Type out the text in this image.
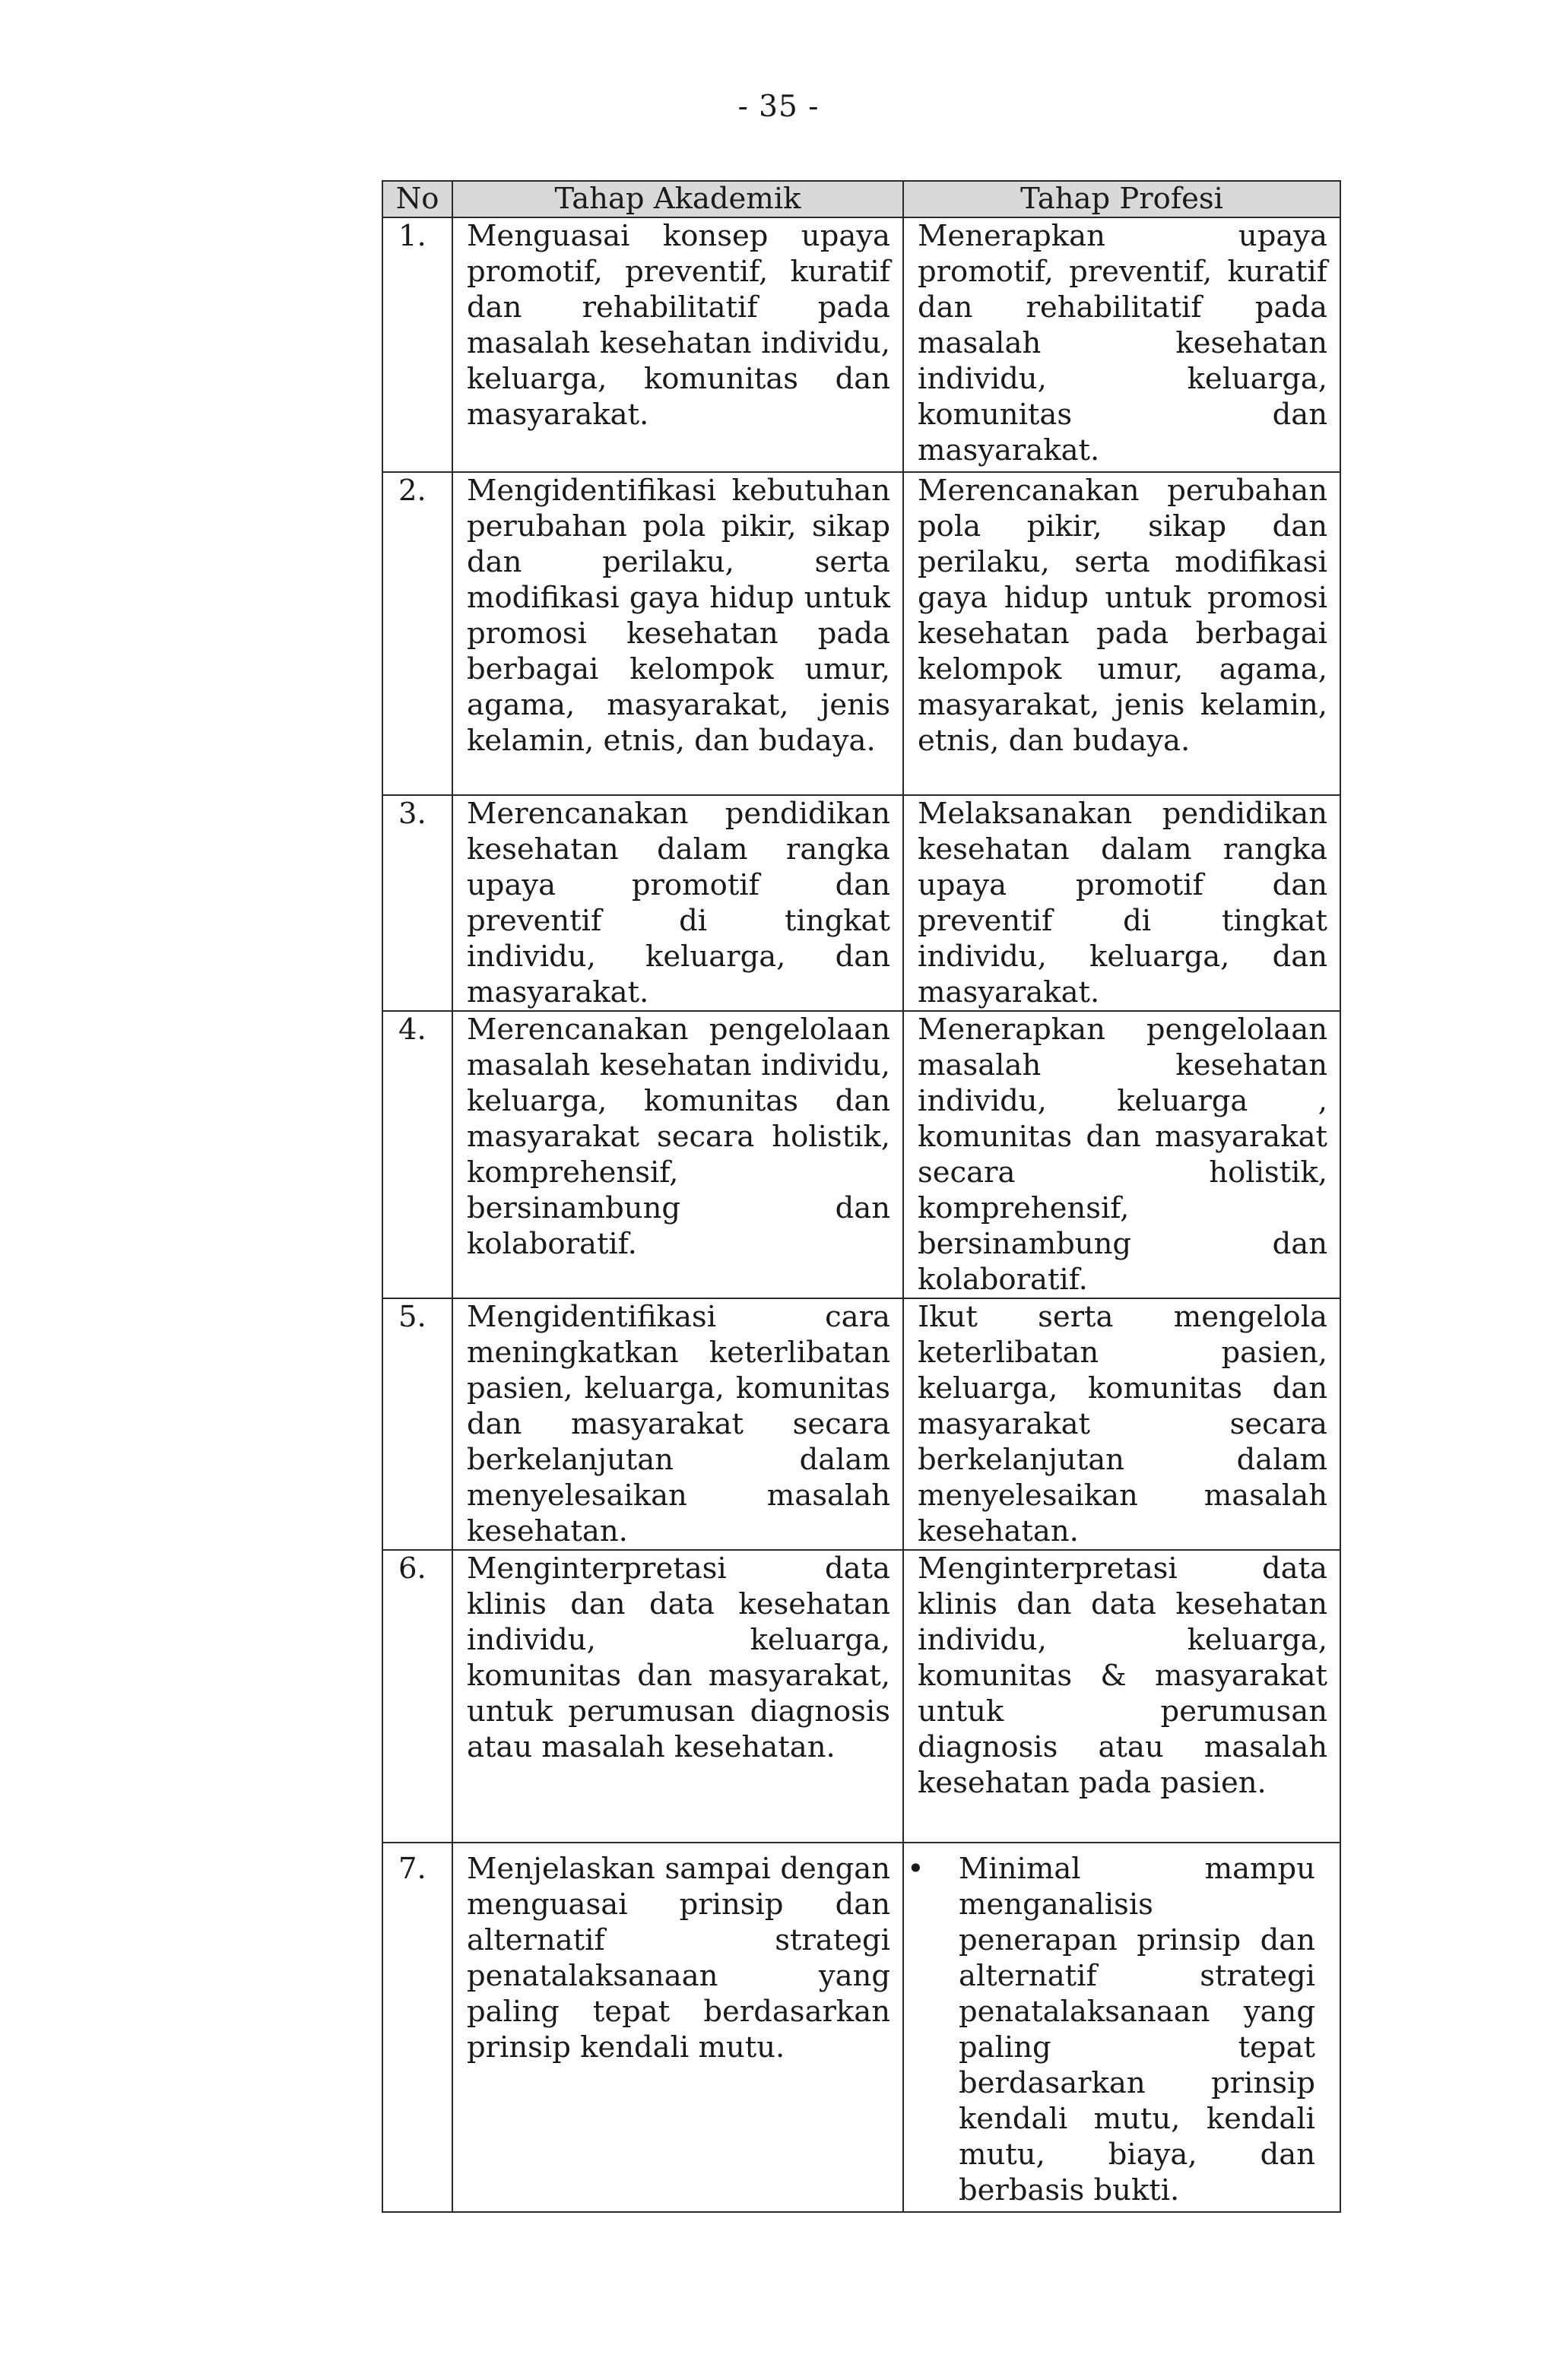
- 35 -
No	Tahap Akademik	Tahap Profesi
1.	Menguasai konsep upaya promotif, preventif, kuratif dan rehabilitatif pada masalah kesehatan individu, keluarga, komunitas dan masyarakat.	Menerapkan upaya promotif, preventif, kuratif dan rehabilitatif pada masalah kesehatan individu, keluarga, komunitas dan masyarakat.
2.	Mengidentifikasi kebutuhan perubahan pola pikir, sikap dan perilaku, serta modifikasi gaya hidup untuk promosi kesehatan pada berbagai kelompok umur, agama, masyarakat, jenis kelamin, etnis, dan budaya.	Merencanakan perubahan pola pikir, sikap dan perilaku, serta modifikasi gaya hidup untuk promosi kesehatan pada berbagai kelompok umur, agama, masyarakat, jenis kelamin, etnis, dan budaya.
3.	Merencanakan pendidikan kesehatan dalam rangka upaya promotif dan preventif di tingkat individu, keluarga, dan masyarakat.	Melaksanakan pendidikan kesehatan dalam rangka upaya promotif dan preventif di tingkat individu, keluarga, dan masyarakat.
4.	Merencanakan pengelolaan masalah kesehatan individu, keluarga, komunitas dan masyarakat secara holistik, komprehensif, bersinambung dan kolaboratif.	Menerapkan pengelolaan masalah kesehatan individu, keluarga , komunitas dan masyarakat secara holistik, komprehensif, bersinambung dan kolaboratif.
5.	Mengidentifikasi cara meningkatkan keterlibatan pasien, keluarga, komunitas dan masyarakat secara berkelanjutan dalam menyelesaikan masalah kesehatan.	Ikut serta mengelola keterlibatan pasien, keluarga, komunitas dan masyarakat secara berkelanjutan dalam menyelesaikan masalah kesehatan.
6.	Menginterpretasi data klinis dan data kesehatan individu, keluarga, komunitas dan masyarakat, untuk perumusan diagnosis atau masalah kesehatan.	Menginterpretasi data klinis dan data kesehatan individu, keluarga, komunitas & masyarakat untuk perumusan diagnosis atau masalah kesehatan pada pasien.
7.	Menjelaskan sampai dengan menguasai prinsip dan alternatif strategi penatalaksanaan yang paling tepat berdasarkan prinsip kendali mutu.	• Minimal mampu menganalisis penerapan prinsip dan alternatif strategi penatalaksanaan yang paling tepat berdasarkan prinsip kendali mutu, kendali mutu, biaya, dan berbasis bukti.
